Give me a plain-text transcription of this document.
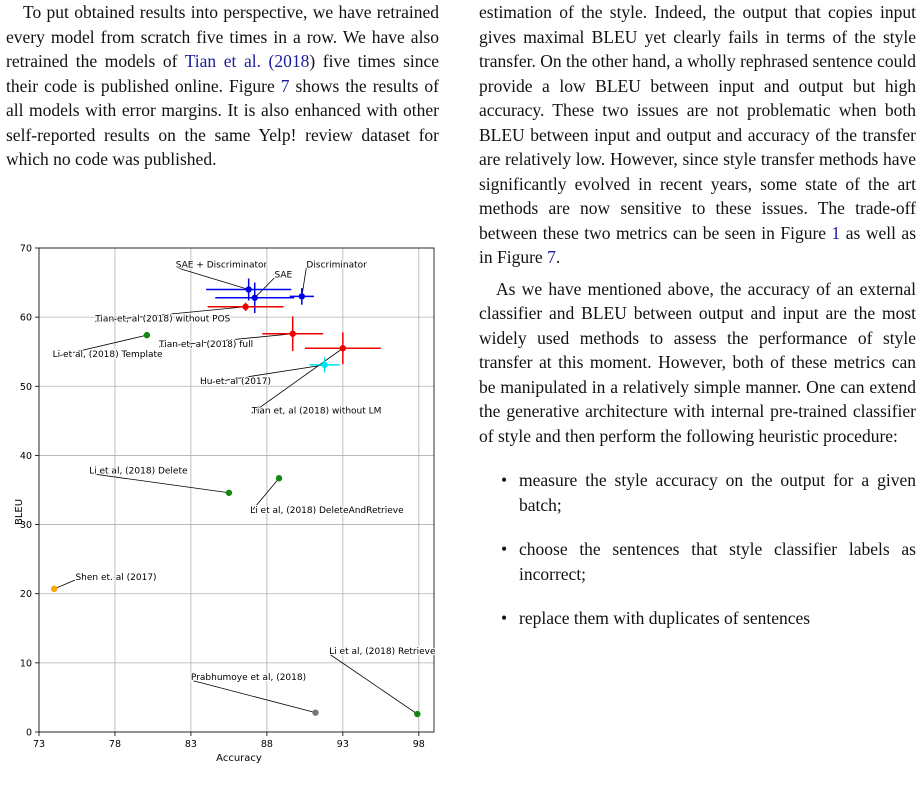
To put obtained results into perspective, we have retrained every model from scratch five times in a row. We have also retrained the models of Tian et al. (2018) five times since their code is published online. Figure 7 shows the results of all models with error margins. It is also enhanced with other self-reported results on the same Yelp! review dataset for which no code was published.

73	78	83	88	93	98
0
10
20
30
40
50
60
70
SAE + Discriminator
SAE
Discriminator
Tian et, al (2018) without POS
Tian et, al (2018) full
Tian et, al (2018) without LM
Hu et. al (2017)
Li et al, (2018) Template
Li et al, (2018) Delete
Li et al, (2018) DeleteAndRetrieve
Shen et. al (2017)
Li et al, (2018) Retrieve
Prabhumoye et al, (2018)
Accuracy
BLEU

estimation of the style. Indeed, the output that copies input gives maximal BLEU yet clearly fails in terms of the style transfer. On the other hand, a wholly rephrased sentence could provide a low BLEU between input and output but high accuracy. These two issues are not problematic when both BLEU between input and output and accuracy of the transfer are relatively low. However, since style transfer methods have significantly evolved in recent years, some state of the art methods are now sensitive to these issues. The trade-off between these two metrics can be seen in Figure 1 as well as in Figure 7.

As we have mentioned above, the accuracy of an external classifier and BLEU between output and input are the most widely used methods to assess the performance of style transfer at this moment. However, both of these metrics can be manipulated in a relatively simple manner. One can extend the generative architecture with internal pre-trained classifier of style and then perform the following heuristic procedure:

• measure the style accuracy on the output for a given batch;
• choose the sentences that style classifier labels as incorrect;
• replace them with duplicates of sentences
